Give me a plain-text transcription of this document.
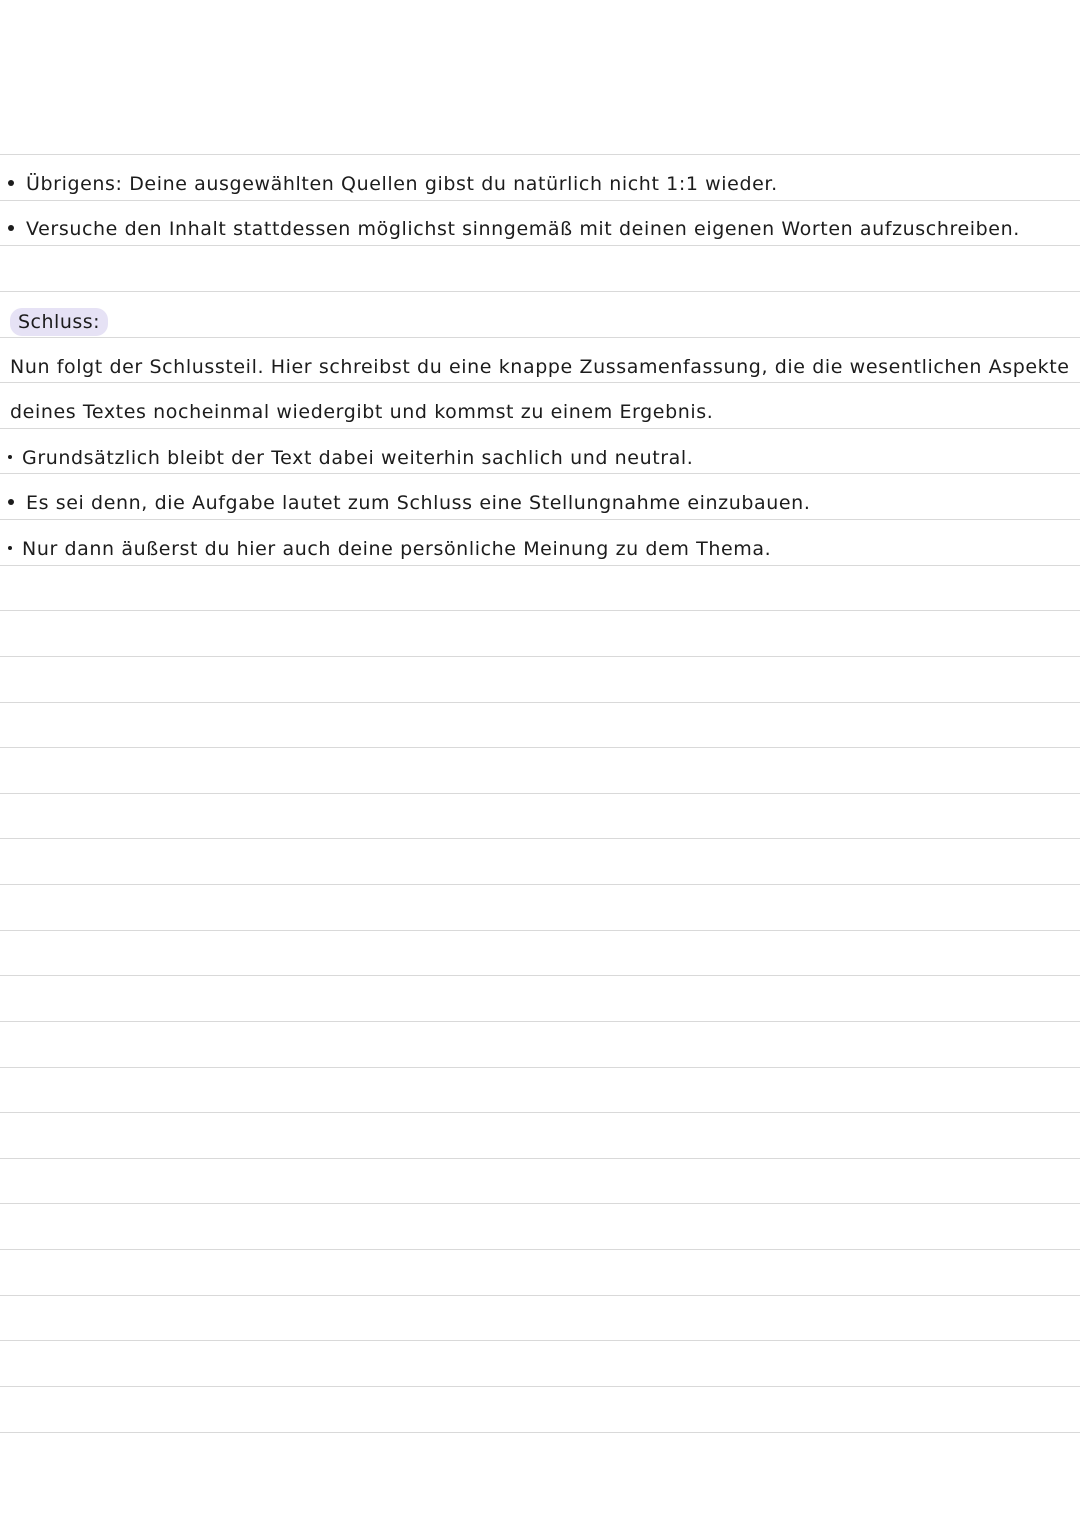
Übrigens: Deine ausgewählten Quellen gibst du natürlich nicht 1:1 wieder.
Versuche den Inhalt stattdessen möglichst sinngemäß mit deinen eigenen Worten aufzuschreiben.
Schluss:
Nun folgt der Schlussteil. Hier schreibst du eine knappe Zussamenfassung, die die wesentlichen Aspekte
deines Textes nocheinmal wiedergibt und kommst zu einem Ergebnis.
Grundsätzlich bleibt der Text dabei weiterhin sachlich und neutral.
Es sei denn, die Aufgabe lautet zum Schluss eine Stellungnahme einzubauen.
Nur dann äußerst du hier auch deine persönliche Meinung zu dem Thema.
